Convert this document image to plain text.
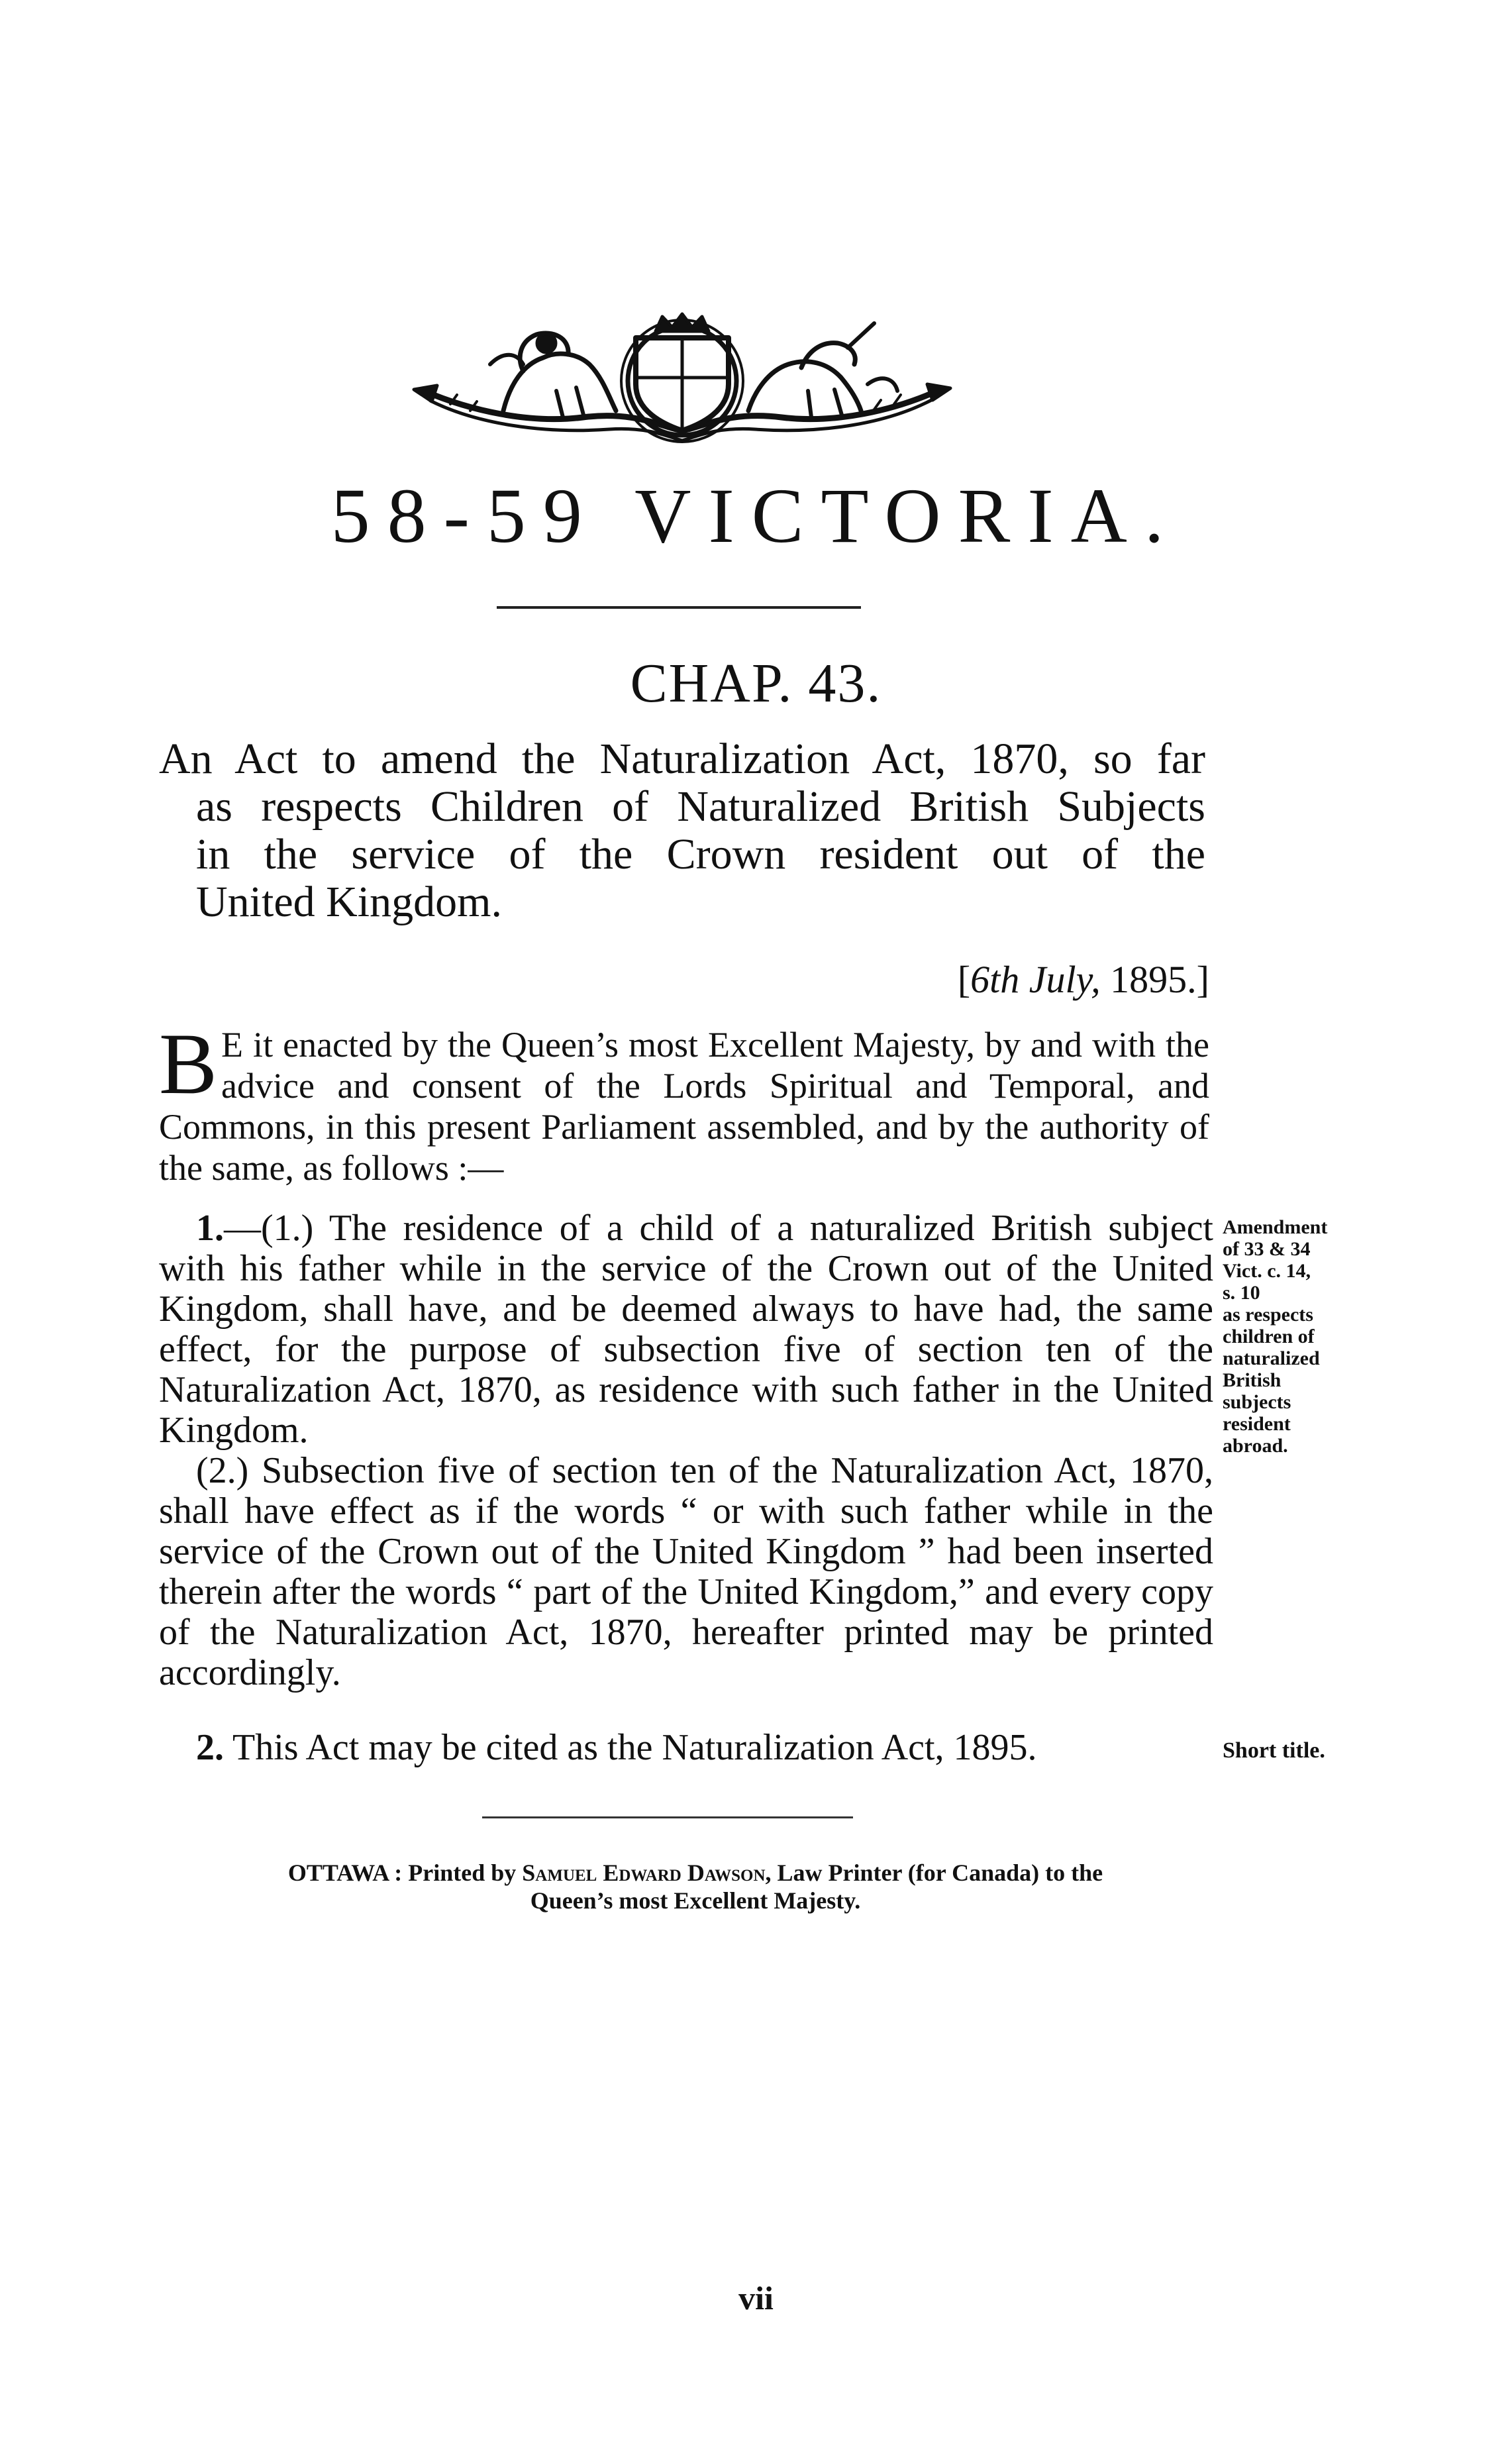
58-59 VICTORIA.
CHAP. 43.
An Act to amend the Naturalization Act, 1870, so far
as respects Children of Naturalized British Subjects
in the service of the Crown resident out of the
United Kingdom.
[6th July, 1895.]
B E it enacted by the Queen’s most Excellent Majesty, by and with the advice and consent of the Lords Spiritual and Temporal, and Commons, in this present Parliament assembled, and by the authority of the same, as follows :—

1.—(1.) The residence of a child of a naturalized British subject with his father while in the service of the Crown out of the United Kingdom, shall have, and be deemed always to have had, the same effect, for the purpose of subsection five of section ten of the Naturalization Act, 1870, as residence with such father in the United Kingdom.

(2.) Subsection five of section ten of the Naturalization Act, 1870, shall have effect as if the words “ or with such father while in the service of the Crown out of the United Kingdom ” had been inserted therein after the words “ part of the United Kingdom,” and every copy of the Naturalization Act, 1870, hereafter printed may be printed accordingly.

Amendment
of 33 & 34
Vict. c. 14,
s. 10
as respects
children of
naturalized
British
subjects
resident
abroad.

2. This Act may be cited as the Naturalization Act, 1895.	Short title.
OTTAWA : Printed by Samuel Edward Dawson, Law Printer (for Canada) to the
Queen’s most Excellent Majesty.
vii
